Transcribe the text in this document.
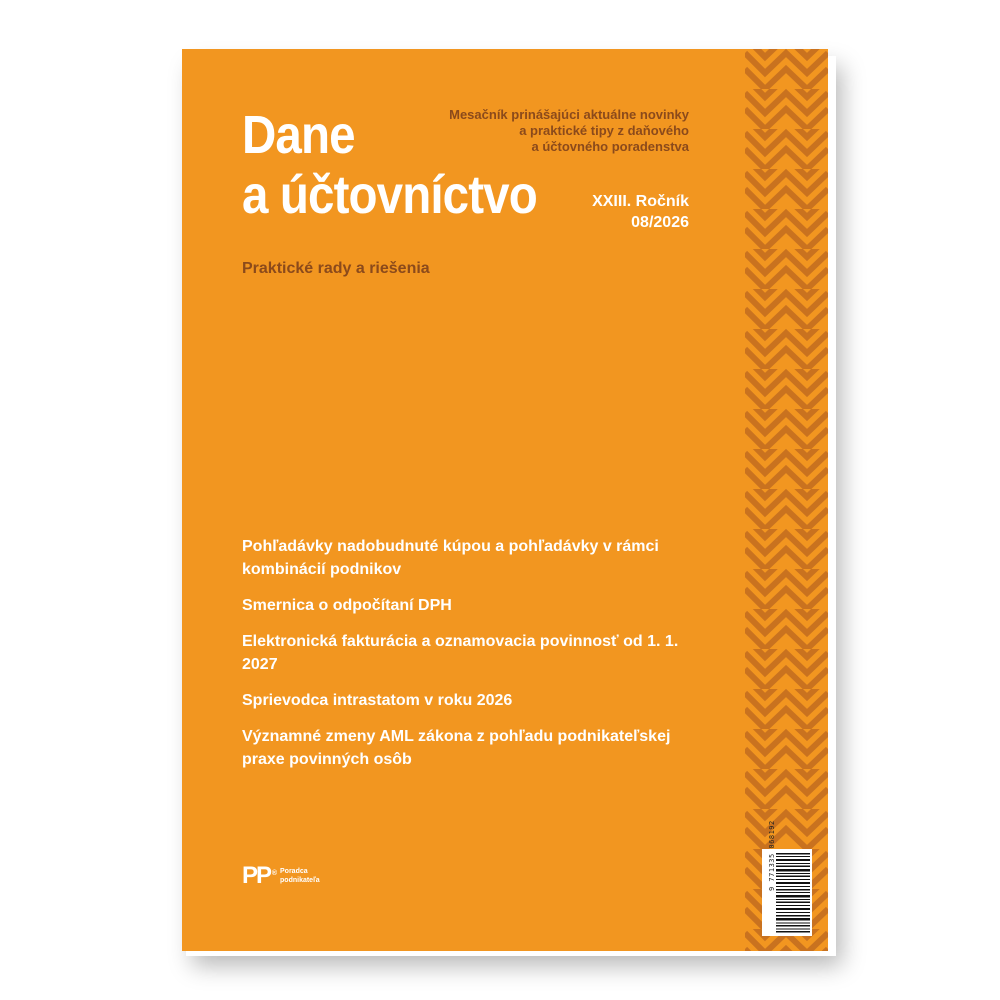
Dane
a účtovníctvo

Mesačník prinášajúci aktuálne novinky
a praktické tipy z daňového
a účtovného poradenstva

XXIII. Ročník
08/2026

Praktické rady a riešenia

Pohľadávky nadobudnuté kúpou a pohľadávky v rámci kombinácií podnikov
Smernica o odpočítaní DPH
Elektronická fakturácia a oznamovacia povinnosť od 1. 1. 2027
Sprievodca intrastatom v roku 2026
Významné zmeny AML zákona z pohľadu podnikateľskej praxe povinných osôb
PP ® Poradca
podnikateľa	9 771335 068192
